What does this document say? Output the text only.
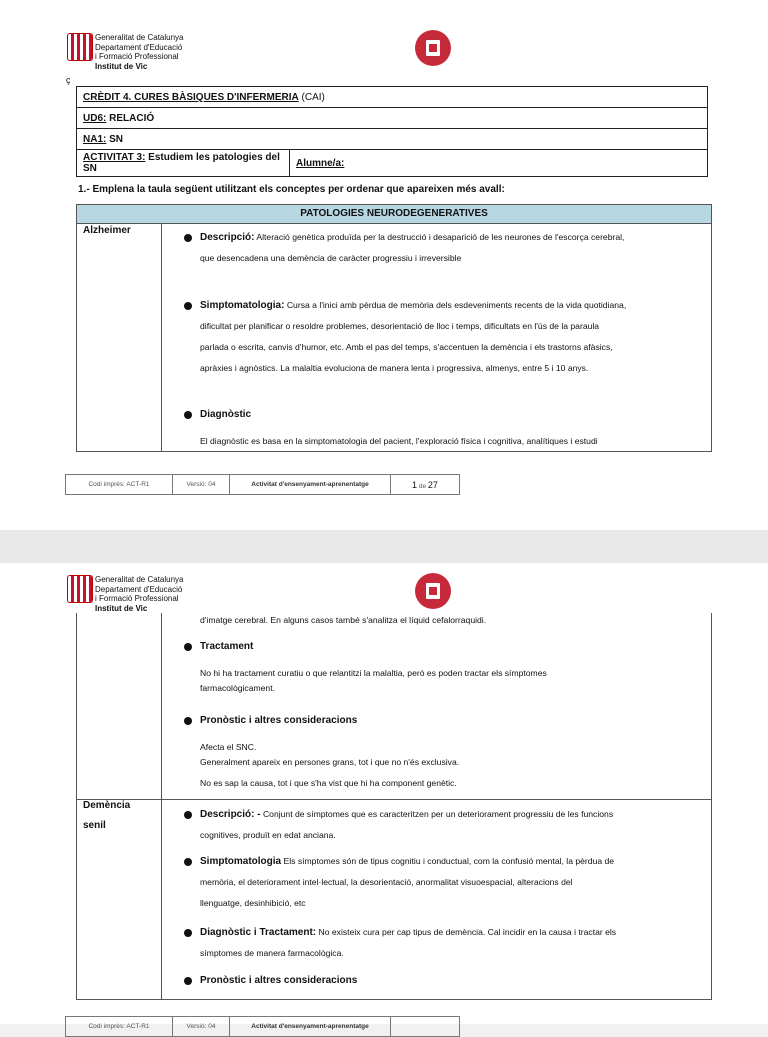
Generalitat de Catalunya
Departament d'Educació
i Formació Professional
Institut de Vic
ç
CRÈDIT 4. CURES BÀSIQUES D'INFERMERIA (CAI)
UD6: RELACIÓ
NA1: SN
ACTIVITAT 3: Estudiem les patologies del SN	Alumne/a:
1.- Emplena la taula següent utilitzant els conceptes per ordenar que apareixen més avall:
PATOLOGIES NEURODEGENERATIVES
Alzheimer
Descripció: Alteració genètica produïda per la destrucció i desaparició de les neurones de l'escorça cerebral,
que desencadena una demència de caràcter progressiu i irreversible
Simptomatologia: Cursa a l'inici amb pèrdua de memòria dels esdeveniments recents de la vida quotidiana,
dificultat per planificar o resoldre problemes, desorientació de lloc i temps, dificultats en l'ús de la paraula
parlada o escrita, canvis d'humor, etc. Amb el pas del temps, s'accentuen la demència i els trastorns afàsics,
apràxies i agnòstics. La malaltia evoluciona de manera lenta i progressiva, almenys, entre 5 i 10 anys.
Diagnòstic
El diagnòstic es basa en la simptomatologia del pacient, l'exploració física i cognitiva, analítiques i estudi
Codi imprès: ACT-R1	Versió: 04	Activitat d'ensenyament-aprenentatge	1 de 27
Generalitat de Catalunya
Departament d'Educació
i Formació Professional
Institut de Vic
d'imatge cerebral. En alguns casos també s'analitza el líquid cefalorraquidi.
Tractament
No hi ha tractament curatiu o que relantitzi la malaltia, però es poden tractar els símptomes
farmacològicament.
Pronòstic i altres consideracions
Afecta el SNC.
Generalment apareix en persones grans, tot i que no n'és exclusiva.
No es sap la causa, tot i que s'ha vist que hi ha component genètic.
Demència
senil
Descripció: - Conjunt de símptomes que es caracteritzen per un deteriorament progressiu de les funcions
cognitives, produït en edat anciana.
Simptomatologia Els símptomes són de tipus cognitiu i conductual, com la confusió mental, la pèrdua de
memòria, el deteriorament intel·lectual, la desorientació, anormalitat visuoespacial, alteracions del
llenguatge, desinhibició, etc
Diagnòstic i Tractament: No existeix cura per cap tipus de demència. Cal incidir en la causa i tractar els
símptomes de manera farmacològica.
Pronòstic i altres consideracions
Codi imprès: ACT-R1	Versió: 04	Activitat d'ensenyament-aprenentatge	
